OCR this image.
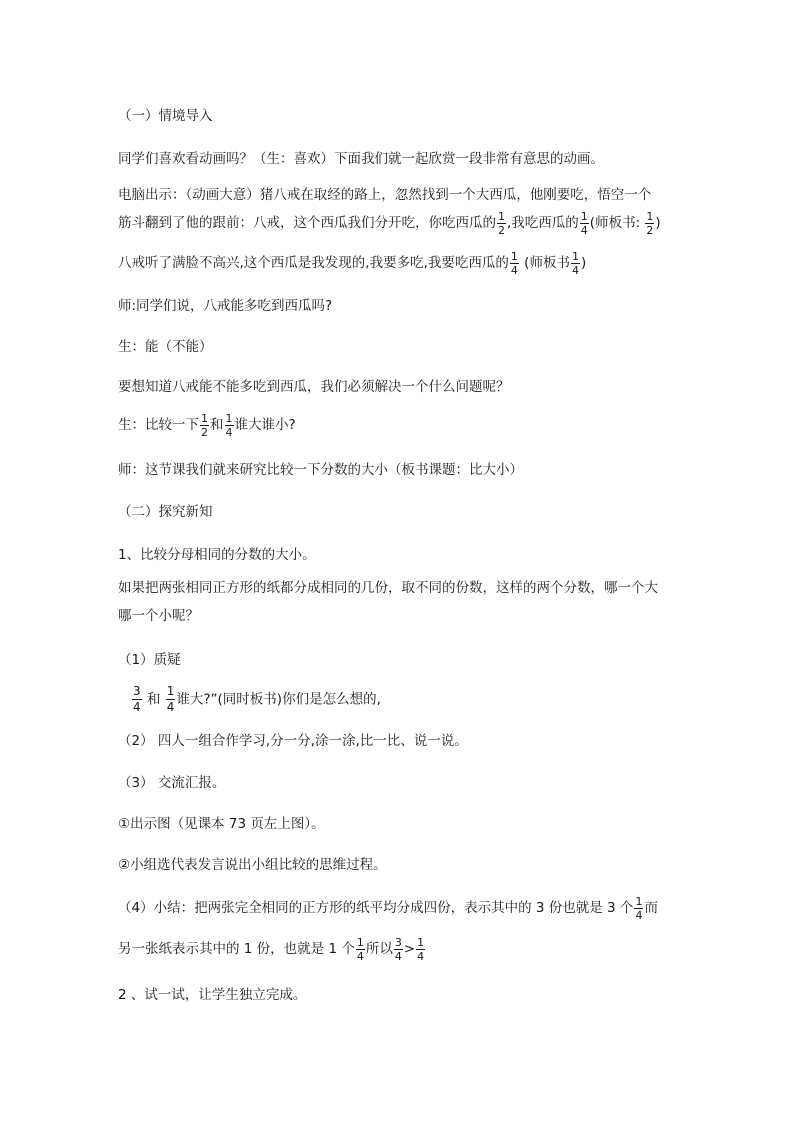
（一）情境导入
同学们喜欢看动画吗？（生：喜欢）下面我们就一起欣赏一段非常有意思的动画。
电脑出示：（动画大意）猪八戒在取经的路上，忽然找到一个大西瓜，他刚要吃，悟空一个
筋斗翻到了他的跟前：八戒，这个西瓜我们分开吃，你吃西瓜的 $\frac{1}{2}$ ,我吃西瓜的 $\frac{1}{4}$ (师板书: $\frac{1}{2}$ )
八戒听了满脸不高兴,这个西瓜是我发现的,我要多吃,我要吃西瓜的 $\frac{1}{4}$ (师板书 $\frac{1}{4}$ )
师:同学们说，八戒能多吃到西瓜吗?
生：能（不能）
要想知道八戒能不能多吃到西瓜，我们必须解决一个什么问题呢？
生：比较一下 $\frac{1}{2}$ 和 $\frac{1}{4}$ 谁大谁小?
师：这节课我们就来研究比较一下分数的大小（板书课题：比大小）
（二）探究新知
1、比较分母相同的分数的大小。
如果把两张相同正方形的纸都分成相同的几份，取不同的份数，这样的两个分数，哪一个大
哪一个小呢？
（1）质疑
$\frac{3}{4}$ 和 $\frac{1}{4}$ 谁大?”(同时板书)你们是怎么想的,
（2） 四人一组合作学习,分一分,涂一涂,比一比、说一说。
（3） 交流汇报。
①出示图（见课本 73 页左上图）。
②小组选代表发言说出小组比较的思维过程。
（4）小结：把两张完全相同的正方形的纸平均分成四份，表示其中的 3 份也就是 3 个 $\frac{1}{4}$ 而
另一张纸表示其中的 1 份，也就是 1 个 $\frac{1}{4}$ 所以 $\frac{3}{4} > \frac{1}{4}$
2 、试一试，让学生独立完成。
